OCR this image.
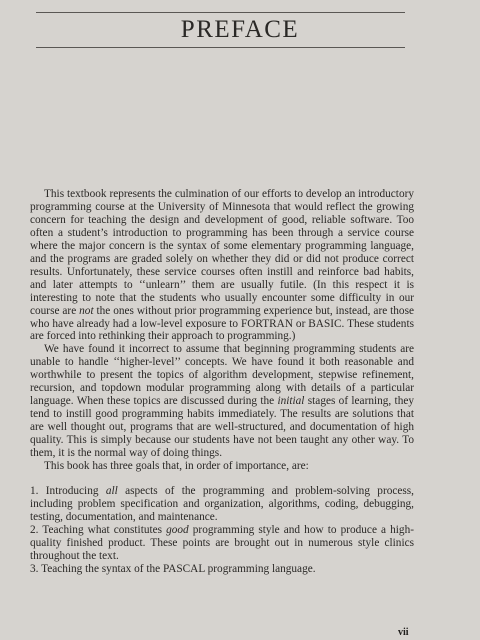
PREFACE

This textbook represents the culmination of our efforts to develop an introductory programming course at the University of Minnesota that would reflect the growing concern for teaching the design and development of good, reliable software. Too often a student’s introduction to programming has been through a service course where the major concern is the syntax of some elementary programming language, and the programs are graded solely on whether they did or did not produce correct results. Unfortunately, these service courses often instill and reinforce bad habits, and later attempts to ‘‘unlearn’’ them are usually futile. (In this respect it is interesting to note that the students who usually encounter some difficulty in our course are not the ones without prior programming experience but, instead, are those who have already had a low-level exposure to FORTRAN or BASIC. These students are forced into rethinking their approach to programming.)

We have found it incorrect to assume that beginning programming students are unable to handle ‘‘higher-level’’ concepts. We have found it both reasonable and worthwhile to present the topics of algorithm development, stepwise refinement, recursion, and topdown modular programming along with details of a particular language. When these topics are discussed during the initial stages of learning, they tend to instill good programming habits immediately. The results are solutions that are well thought out, programs that are well-structured, and documentation of high quality. This is simply because our students have not been taught any other way. To them, it is the normal way of doing things.

This book has three goals that, in order of importance, are:

1. Introducing all aspects of the programming and problem-solving process, including problem specification and organization, algorithms, coding, debugging, testing, documentation, and maintenance.

2. Teaching what constitutes good programming style and how to produce a high-quality finished product. These points are brought out in numerous style clinics throughout the text.

3. Teaching the syntax of the PASCAL programming language.

vii
